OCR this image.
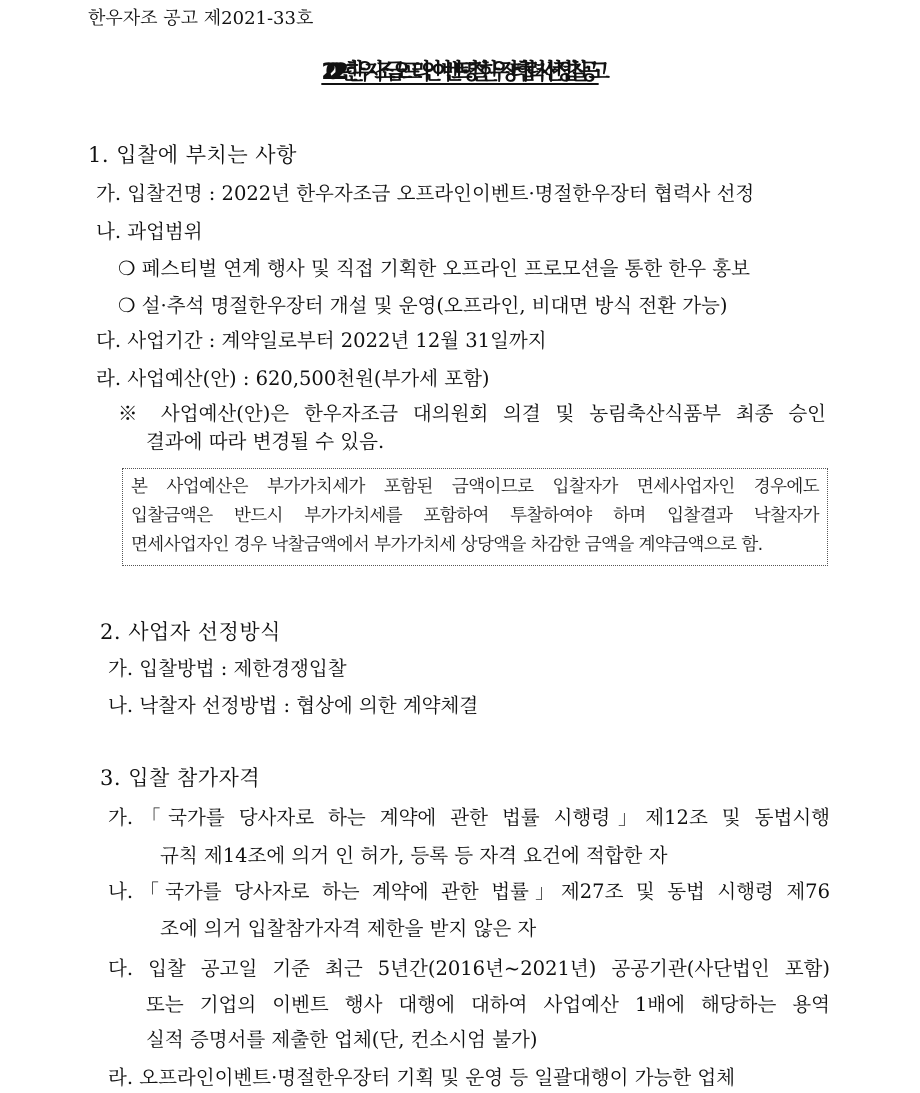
한우자조 공고 제2021-33호
2022년 한우자조금 오프라인이벤트·명절한우장터 협력사 선정 입찰공고
1. 입찰에 부치는 사항
가. 입찰건명 : 2022년 한우자조금 오프라인이벤트·명절한우장터 협력사 선정
나. 과업범위
❍ 페스티벌 연계 행사 및 직접 기획한 오프라인 프로모션을 통한 한우 홍보
❍ 설·추석 명절한우장터 개설 및 운영(오프라인, 비대면 방식 전환 가능)
다. 사업기간 : 계약일로부터 2022년 12월 31일까지
라. 사업예산(안) : 620,500천원(부가세 포함)
※ 사업예산(안)은 한우자조금 대의원회 의결 및 농림축산식품부 최종 승인
결과에 따라 변경될 수 있음.
본 사업예산은 부가가치세가 포함된 금액이므로 입찰자가 면세사업자인 경우에도
입찰금액은 반드시 부가가치세를 포함하여 투찰하여야 하며 입찰결과 낙찰자가
면세사업자인 경우 낙찰금액에서 부가가치세 상당액을 차감한 금액을 계약금액으로 함.
2. 사업자 선정방식
가. 입찰방법 : 제한경쟁입찰
나. 낙찰자 선정방법 : 협상에 의한 계약체결
3. 입찰 참가자격
가.「국가를 당사자로 하는 계약에 관한 법률 시행령」제12조 및 동법시행
규칙 제14조에 의거 인 허가, 등록 등 자격 요건에 적합한 자
나.「국가를 당사자로 하는 계약에 관한 법률」제27조 및 동법 시행령 제76
조에 의거 입찰참가자격 제한을 받지 않은 자
다. 입찰 공고일 기준 최근 5년간(2016년~2021년) 공공기관(사단법인 포함)
또는 기업의 이벤트 행사 대행에 대하여 사업예산 1배에 해당하는 용역
실적 증명서를 제출한 업체(단, 컨소시엄 불가)
라. 오프라인이벤트·명절한우장터 기획 및 운영 등 일괄대행이 가능한 업체
